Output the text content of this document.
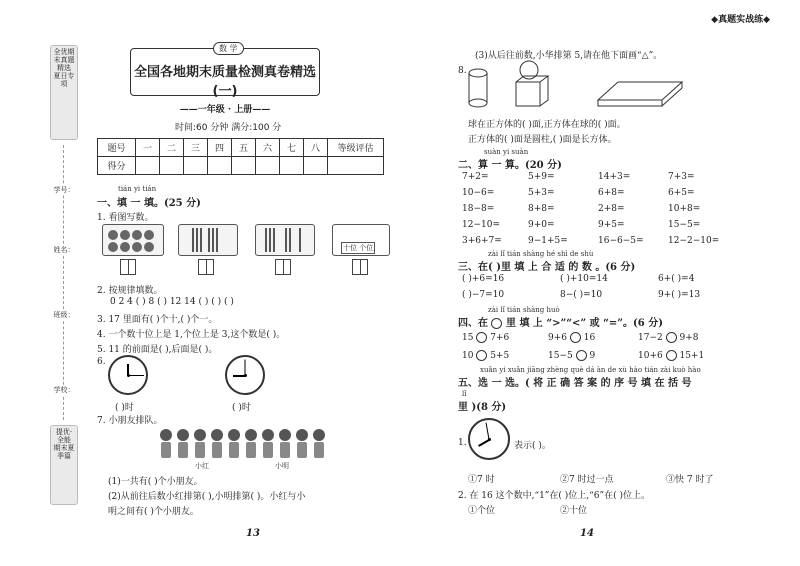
全优期末真题精选 夏日专项
学号：
姓名：
班级：
学校：
提优·全能 期末夏季篇
数 学
全国各地期末质量检测真卷精选(一)
——一年级 · 上册——
时间:60 分钟 满分:100 分
题号	一	二	三	四	五	六	七	八	等级评估
得分									
tián yi tián
一、填 一 填。(25 分)
1. 看图写数。
十位 个位
2. 按规律填数。
0 2 4 ( ) 8 ( ) 12 14 ( ) ( ) ( )
3. 17 里面有( )个十,( )个一。
4. 一个数十位上是 1,个位上是 3,这个数是( )。
5. 11 的前面是( ),后面是( )。
6.
( )时	( )时
7. 小朋友排队。
小红	小明
(1)一共有( )个小朋友。
(2)从前往后数小红排第( ),小明排第( )。小红与小
明之间有( )个小朋友。
13
◆真题实战练◆
(3)从后往前数,小华排第 5,请在他下面画“△”。
8.
球在正方体的( )面,正方体在球的( )面。
正方体的( )面是圆柱,( )面是长方体。
suàn yi suàn
二、算 一 算。(20 分)
7+2=	5+9=	14+3=	7+3=
10−6=	5+3=	6+8=	6+5=
18−8=	8+8=	2+8=	10+8=
12−10=	9+0=	9+5=	15−5=
3+6+7=	9−1+5=	16−6−5=	12−2−10=
zài lǐ tián shàng hé shì de shù
三、在( )里 填 上 合 适 的 数 。(6 分)
( )+6=16	( )+10=14	6+( )=4
( )−7=10	8−( )=10	9+( )=13
zài lǐ tián shàng huò
四、在 里 填 上 “>”“<” 或 “=”。(6 分)
15 7+6	9+6 16	17−2 9+8
10 5+5	15−5 9	10+6 15+1
xuǎn yi xuǎn jiāng zhèng què dá àn de xù hào tián zài kuò hào
五、选 一 选。( 将 正 确 答 案 的 序 号 填 在 括 号
lǐ
里 )(8 分)
1.	表示( )。
①7 时	②7 时过一点	③快 7 时了
2. 在 16 这个数中,“1”在( )位上,“6”在( )位上。
①个位	②十位
14
